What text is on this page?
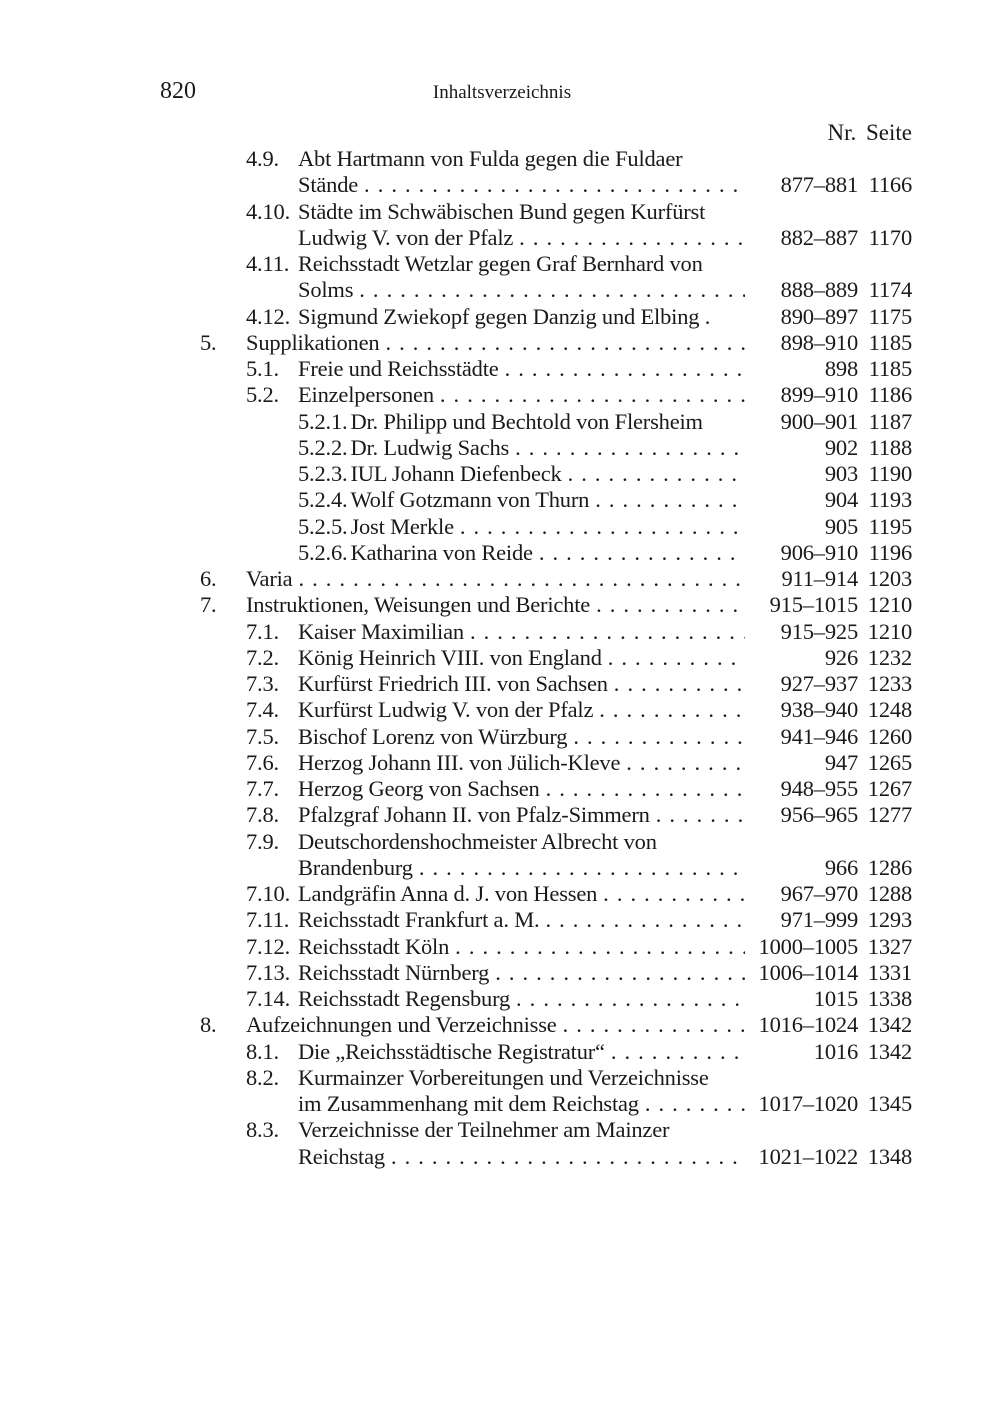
820	Inhaltsverzeichnis
Nr. Seite
4.9. Abt Hartmann von Fulda gegen die Fuldaer
Stände . . .	877–881 1166
4.10. Städte im Schwäbischen Bund gegen Kurfürst
Ludwig V. von der Pfalz . . .	882–887 1170
4.11. Reichsstadt Wetzlar gegen Graf Bernhard von
Solms . . .	888–889 1174
4.12. Sigmund Zwiekopf gegen Danzig und Elbing .	890–897 1175
5.	Supplikationen . . .	898–910 1185
5.1. Freie und Reichsstädte . . .	898 1185
5.2. Einzelpersonen . . .	899–910 1186
5.2.1. Dr. Philipp und Bechtold von Flersheim	900–901 1187
5.2.2. Dr. Ludwig Sachs . . .	902 1188
5.2.3. IUL Johann Diefenbeck . . .	903 1190
5.2.4. Wolf Gotzmann von Thurn . . .	904 1193
5.2.5. Jost Merkle . . .	905 1195
5.2.6. Katharina von Reide . . .	906–910 1196
6.	Varia . . .	911–914 1203
7.	Instruktionen, Weisungen und Berichte . . .	915–1015 1210
7.1. Kaiser Maximilian . . .	915–925 1210
7.2. König Heinrich VIII. von England . . .	926 1232
7.3. Kurfürst Friedrich III. von Sachsen . . .	927–937 1233
7.4. Kurfürst Ludwig V. von der Pfalz . . .	938–940 1248
7.5. Bischof Lorenz von Würzburg . . .	941–946 1260
7.6. Herzog Johann III. von Jülich-Kleve . . .	947 1265
7.7. Herzog Georg von Sachsen . . .	948–955 1267
7.8. Pfalzgraf Johann II. von Pfalz-Simmern . . .	956–965 1277
7.9. Deutschordenshochmeister Albrecht von
Brandenburg . . .	966 1286
7.10. Landgräfin Anna d. J. von Hessen . . .	967–970 1288
7.11. Reichsstadt Frankfurt a. M. . . .	971–999 1293
7.12. Reichsstadt Köln . . .	1000–1005 1327
7.13. Reichsstadt Nürnberg . . .	1006–1014 1331
7.14. Reichsstadt Regensburg . . .	1015 1338
8.	Aufzeichnungen und Verzeichnisse . . .	1016–1024 1342
8.1. Die „Reichsstädtische Registratur“ . . .	1016 1342
8.2. Kurmainzer Vorbereitungen und Verzeichnisse
im Zusammenhang mit dem Reichstag . . .	1017–1020 1345
8.3. Verzeichnisse der Teilnehmer am Mainzer
Reichstag . . .	1021–1022 1348
